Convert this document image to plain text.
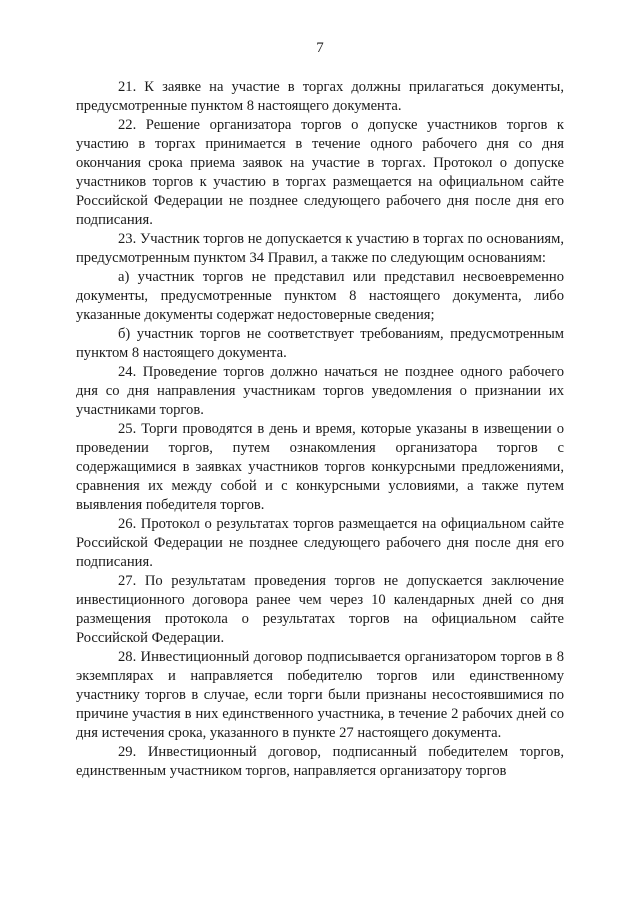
7

21. К заявке на участие в торгах должны прилагаться документы, предусмотренные пунктом 8 настоящего документа.

22. Решение организатора торгов о допуске участников торгов к участию в торгах принимается в течение одного рабочего дня со дня окончания срока приема заявок на участие в торгах. Протокол о допуске участников торгов к участию в торгах размещается на официальном сайте Российской Федерации не позднее следующего рабочего дня после дня его подписания.

23. Участник торгов не допускается к участию в торгах по основаниям, предусмотренным пунктом 34 Правил, а также по следующим основаниям:

а) участник торгов не представил или представил несвоевременно документы, предусмотренные пунктом 8 настоящего документа, либо указанные документы содержат недостоверные сведения;

б) участник торгов не соответствует требованиям, предусмотренным пунктом 8 настоящего документа.

24. Проведение торгов должно начаться не позднее одного рабочего дня со дня направления участникам торгов уведомления о признании их участниками торгов.

25. Торги проводятся в день и время, которые указаны в извещении о проведении торгов, путем ознакомления организатора торгов с содержащимися в заявках участников торгов конкурсными предложениями, сравнения их между собой и с конкурсными условиями, а также путем выявления победителя торгов.

26. Протокол о результатах торгов размещается на официальном сайте Российской Федерации не позднее следующего рабочего дня после дня его подписания.

27. По результатам проведения торгов не допускается заключение инвестиционного договора ранее чем через 10 календарных дней со дня размещения протокола о результатах торгов на официальном сайте Российской Федерации.

28. Инвестиционный договор подписывается организатором торгов в 8 экземплярах и направляется победителю торгов или единственному участнику торгов в случае, если торги были признаны несостоявшимися по причине участия в них единственного участника, в течение 2 рабочих дней со дня истечения срока, указанного в пункте 27 настоящего документа.

29. Инвестиционный договор, подписанный победителем торгов, единственным участником торгов, направляется организатору торгов
